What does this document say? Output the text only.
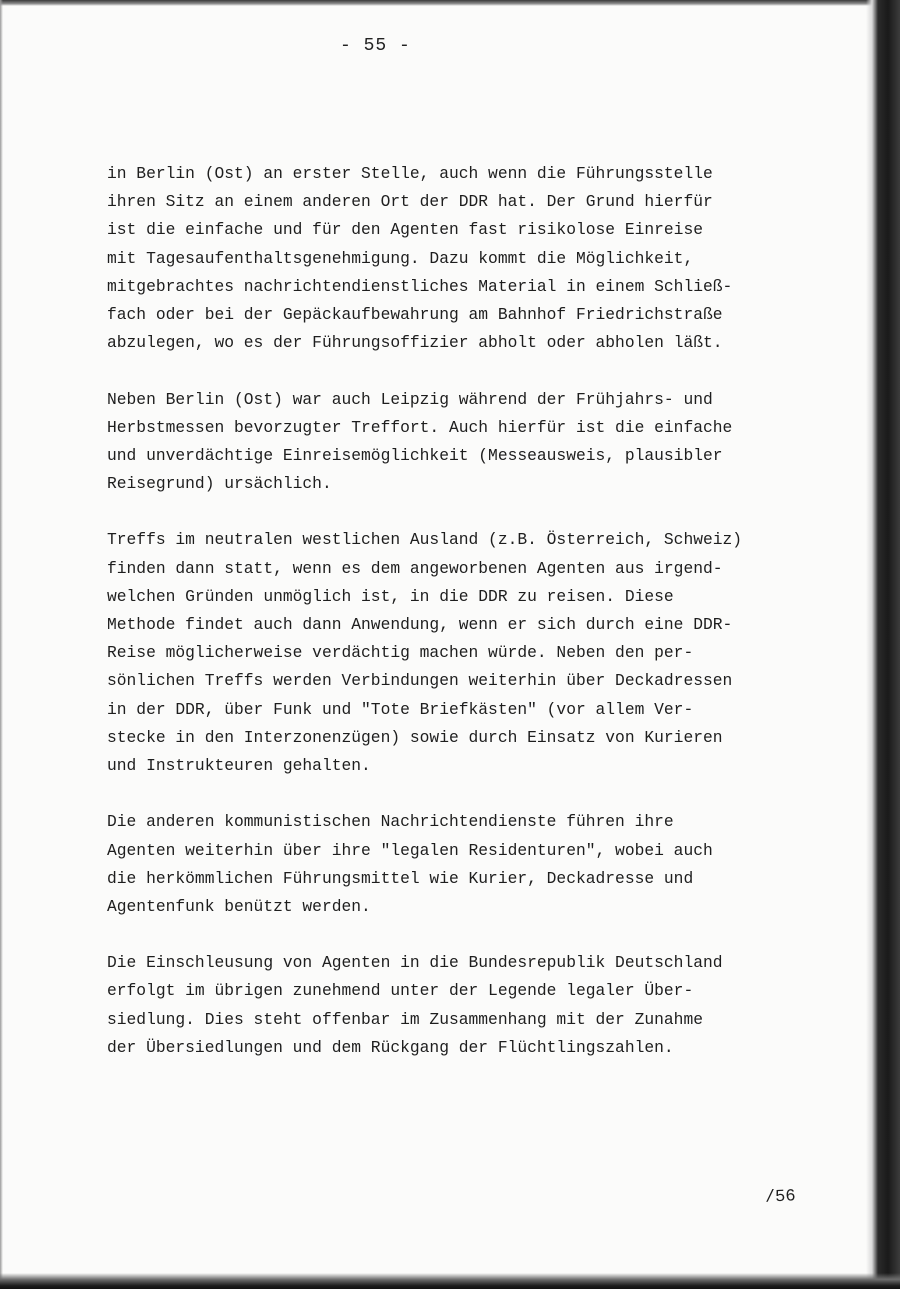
- 55 -
in Berlin (Ost) an erster Stelle, auch wenn die Führungsstelle
ihren Sitz an einem anderen Ort der DDR hat. Der Grund hierfür
ist die einfache und für den Agenten fast risikolose Einreise
mit Tagesaufenthaltsgenehmigung. Dazu kommt die Möglichkeit,
mitgebrachtes nachrichtendienstliches Material in einem Schließ-
fach oder bei der Gepäckaufbewahrung am Bahnhof Friedrichstraße
abzulegen, wo es der Führungsoffizier abholt oder abholen läßt.
Neben Berlin (Ost) war auch Leipzig während der Frühjahrs- und
Herbstmessen bevorzugter Treffort. Auch hierfür ist die einfache
und unverdächtige Einreisemöglichkeit (Messeausweis, plausibler
Reisegrund) ursächlich.
Treffs im neutralen westlichen Ausland (z.B. Österreich, Schweiz)
finden dann statt, wenn es dem angeworbenen Agenten aus irgend-
welchen Gründen unmöglich ist, in die DDR zu reisen. Diese
Methode findet auch dann Anwendung, wenn er sich durch eine DDR-
Reise möglicherweise verdächtig machen würde. Neben den per-
sönlichen Treffs werden Verbindungen weiterhin über Deckadressen
in der DDR, über Funk und "Tote Briefkästen" (vor allem Ver-
stecke in den Interzonenzügen) sowie durch Einsatz von Kurieren
und Instrukteuren gehalten.
Die anderen kommunistischen Nachrichtendienste führen ihre
Agenten weiterhin über ihre "legalen Residenturen", wobei auch
die herkömmlichen Führungsmittel wie Kurier, Deckadresse und
Agentenfunk benützt werden.
Die Einschleusung von Agenten in die Bundesrepublik Deutschland
erfolgt im übrigen zunehmend unter der Legende legaler Über-
siedlung. Dies steht offenbar im Zusammenhang mit der Zunahme
der Übersiedlungen und dem Rückgang der Flüchtlingszahlen.
/56
